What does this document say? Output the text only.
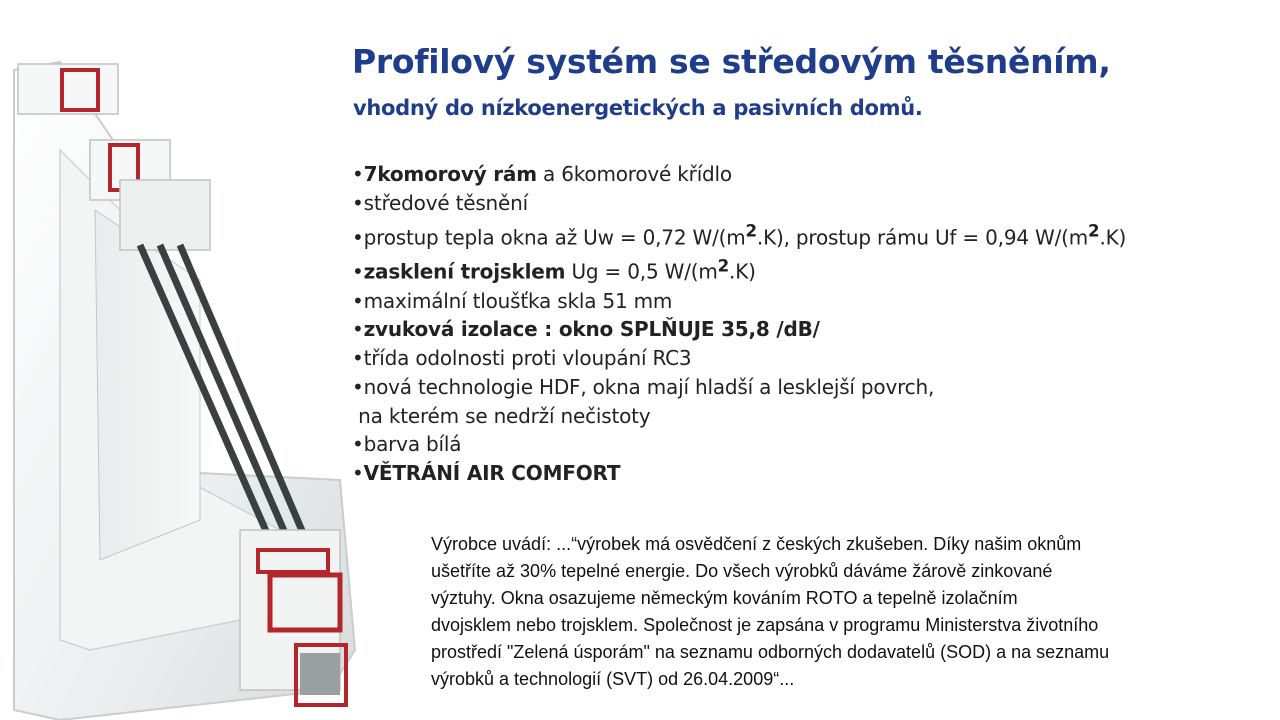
Profilový systém se středovým těsněním,
vhodný do nízkoenergetických a pasivních domů.
•7komorový rám a 6komorové křídlo
•středové těsnění
•prostup tepla okna až Uw = 0,72 $W/(m^2.K)$, prostup rámu Uf = 0,94 $W/(m^2.K)$
•zasklení trojsklem Ug = 0,5 $W/(m^2.K)$
•maximální tloušťka skla 51 mm
•zvuková izolace : okno SPLŇUJE 35,8 /dB/
•třída odolnosti proti vloupání RC3
•nová technologie HDF, okna mají hladší a lesklejší povrch,
na kterém se nedrží nečistoty
•barva bílá
•VĚTRÁNÍ AIR COMFORT

Výrobce uvádí: ...“výrobek má osvědčení z českých zkušeben. Díky našim oknům
ušetříte až 30% tepelné energie. Do všech výrobků dáváme žárově zinkované
výztuhy. Okna osazujeme německým kováním ROTO a tepelně izolačním
dvojsklem nebo trojsklem. Společnost je zapsána v programu Ministerstva životního
prostředí "Zelená úsporám" na seznamu odborných dodavatelů (SOD) a na seznamu
výrobků a technologií (SVT) od 26.04.2009“...
